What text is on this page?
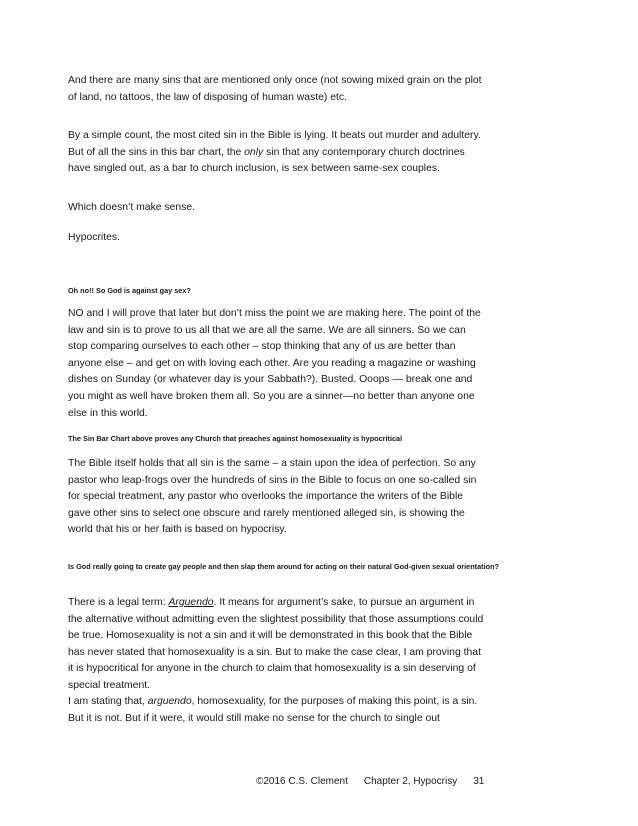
And there are many sins that are mentioned only once (not sowing mixed grain on the plot of land, no tattoos, the law of disposing of human waste) etc.

By a simple count, the most cited sin in the Bible is lying. It beats out murder and adultery. But of all the sins in this bar chart, the only sin that any contemporary church doctrines have singled out, as a bar to church inclusion, is sex between same-sex couples.

Which doesn’t make sense.

Hypocrites.

Oh no!! So God is against gay sex?

NO and I will prove that later but don’t miss the point we are making here. The point of the law and sin is to prove to us all that we are all the same. We are all sinners. So we can stop comparing ourselves to each other – stop thinking that any of us are better than anyone else – and get on with loving each other. Are you reading a magazine or washing dishes on Sunday (or whatever day is your Sabbath?). Busted. Ooops — break one and you might as well have broken them all. So you are a sinner—no better than anyone one else in this world.

The Sin Bar Chart above proves any Church that preaches against homosexuality is hypocritical

The Bible itself holds that all sin is the same – a stain upon the idea of perfection. So any pastor who leap-frogs over the hundreds of sins in the Bible to focus on one so-called sin for special treatment, any pastor who overlooks the importance the writers of the Bible gave other sins to select one obscure and rarely mentioned alleged sin, is showing the world that his or her faith is based on hypocrisy.

Is God really going to create gay people and then slap them around for acting on their natural God-given sexual orientation?

There is a legal term: Arguendo. It means for argument’s sake, to pursue an argument in the alternative without admitting even the slightest possibility that those assumptions could be true. Homosexuality is not a sin and it will be demonstrated in this book that the Bible has never stated that homosexuality is a sin. But to make the case clear, I am proving that it is hypocritical for anyone in the church to claim that homosexuality is a sin deserving of special treatment.

I am stating that, arguendo, homosexuality, for the purposes of making this point, is a sin. But it is not. But if it were, it would still make no sense for the church to single out

©2016 C.S. Clement Chapter 2, Hypocrisy 31
